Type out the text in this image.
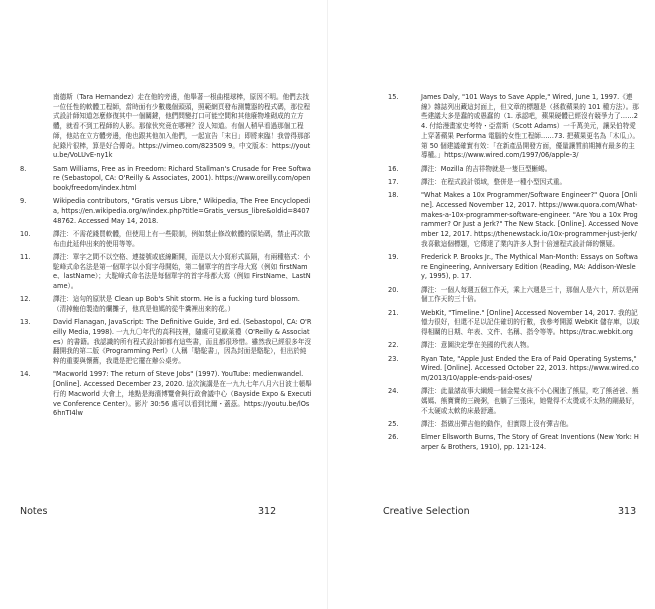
南德斯（Tara Hernandez）走在他的旁邊，他舉著一根曲棍球棒，原因不明。他們去找一位任性的軟體工程師，當時面有少數幾個頭頭，照範網頁發布測覽器的程式碼，那位程式設計師知道怎麼修復其中一個關鍵，他們問變打口可能空間和其他廢物堆砌成的立方體，就看不到工程師的人影。那傢伙究竟在哪裡？沒人知道。有個人稍早看過那個工程師，他站在立方體旁邊，他也跟其他加入他們，一起宣告「末日」即將來臨！我曾得那部紀錄片很棒，算是好合傳奇。https://vimeo.com/823509 9。中文版本：https://youtu.be/VoLUvE-ny1k
8.	Sam Williams, Free as in Freedom: Richard Stallman's Crusade for Free Software (Sebastopol, CA: O'Reilly & Associates, 2001). https://www.oreilly.com/openbook/freedom/index.html
9.	Wikipedia contributors, "Gratis versus Libre," Wikipedia, The Free Encyclopedia, https://en.wikipedia.org/w/index.php?title=Gratis_versus_libre&oldid=840748762. Accessed May 14, 2018.
10.	譯注：不需花錢買軟體，但使用上有一些限制，例如禁止修改軟體的原始碼，禁止再次散布由此延伸出來的使用等等。
11.	譯注：單字之間不以空格、連接號或底線斷開，而是以大小寫形式區隔，有兩種格式：小駝峰式命名法是第一個單字以小寫字母開始，第二個單字的首字母大寫（例如 firstName、lastName）；大駝峰式命名法是每個單字的首字母都大寫（例如 FirstName、LastName）。
12.	譯注：這句的原狀是 Clean up Bob's Shit storm. He is a fucking turd blossom.（清掉鮑伯製造的爛攤子，他真是他媽的從牛糞裡出來的花。）
13.	David Flanagan, JavaScript: The Definitive Guide, 3rd ed. (Sebastopol, CA: O'Reilly Media, 1998). 一九九〇年代的高科技裡，隨處可見歐萊禮（O'Reilly & Associates）的書籍。我認識的所有程式設計師都有這些書，而且都很珍惜。雖然我已經很多年沒翻開我的第二版《Programming Perl》（人稱「駱駝書」，因為封面是駱駝），但出於純粹的重要與懷舊，我還是把它擺在辦公桌旁。
14.	"Macworld 1997: The return of Steve Jobs" (1997). YouTube: medienwandel. [Online]. Accessed December 23, 2020. 這次演講是在一九九七年八月六日波士頓舉行的 Macworld 大會上，地點是海濱博覽會與行政會議中心（Bayside Expo & Executive Conference Center）。影片 30:56 處可以看到比爾・蓋茲。https://youtu.be/lOs6hnTI4lw
Notes	312
15.	James Daly, "101 Ways to Save Apple," Wired, June 1, 1997.《連線》雜誌列出藏這封面上，但文章的標題是（拯救蘋果的 101 種方法）。那些建議大多是蠢的或愚蠢的（1. 承認吧，蘋果硬體已經沒有競爭力了……24. 付給漫畫家史考特・亞當斯（Scott Adams）一千萬美元，讓呆伯特愛上穿著蘋果 Performa 電腦的女性工程師……73. 把蘋果更名為「木瓜」）。第 50 個建議確實有效：「在新產品開發方面，優量讓質前期擁有最多的主導權。」https://www.wired.com/1997/06/apple-3/
16.	譯注：Mozilla 的吉祥物就是一隻巨型蜥蜴。
17.	譯注：在程式設計領域，整併是一種小型因式重。
18.	"What Makes a 10x Programmer/Software Engineer?" Quora [Online]. Accessed November 12, 2017. https://www.quora.com/What-makes-a-10x-programmer-software-engineer. "Are You a 10x Programmer? Or Just a Jerk?" The New Stack. [Online]. Accessed November 12, 2017. https://thenewstack.io/10x-programmer-just-jerk/ 我喜歡這個標題，它傳達了業內許多人對十倍速程式設計師的懷疑。
19.	Frederick P. Brooks Jr., The Mythical Man-Month: Essays on Software Engineering, Anniversary Edition (Reading, MA: Addison-Wesley, 1995), p. 17.
20.	譯注：一個人每週五個工作天，乘上六週是三十，那個人是六十，所以是兩個工作天的三十倍。
21.	WebKit, "Timeline." [Online] Accessed November 14, 2017. 我的記憶力很好，但還不足以記住確切的行數，我參考開源 WebKit 儲存庫，以取得相關的日期、年表、文件、名稱、指令等等。https://trac.webkit.org
22.	譯注：意圖決定學在美國的代表人物。
23.	Ryan Tate, "Apple Just Ended the Era of Paid Operating Systems," Wired. [Online]. Accessed October 22, 2013. https://www.wired.com/2013/10/apple-ends-paid-oses/
24.	譯注：此量諸故事大綱燒一個金髮女孩不小心闖進了熊屋，吃了熊爸爸、熊媽媽、熊寶寶的三碗粥，也躺了三張床，她覺得不太燙或不太熱的剛最好，不太硬或太軟的床最舒適。
25.	譯注：指做出彈吉他的動作，但實際上沒有彈吉他。
26.	Elmer Ellsworth Burns, The Story of Great Inventions (New York: Harper & Brothers, 1910), pp. 121-124.
Creative Selection	313
